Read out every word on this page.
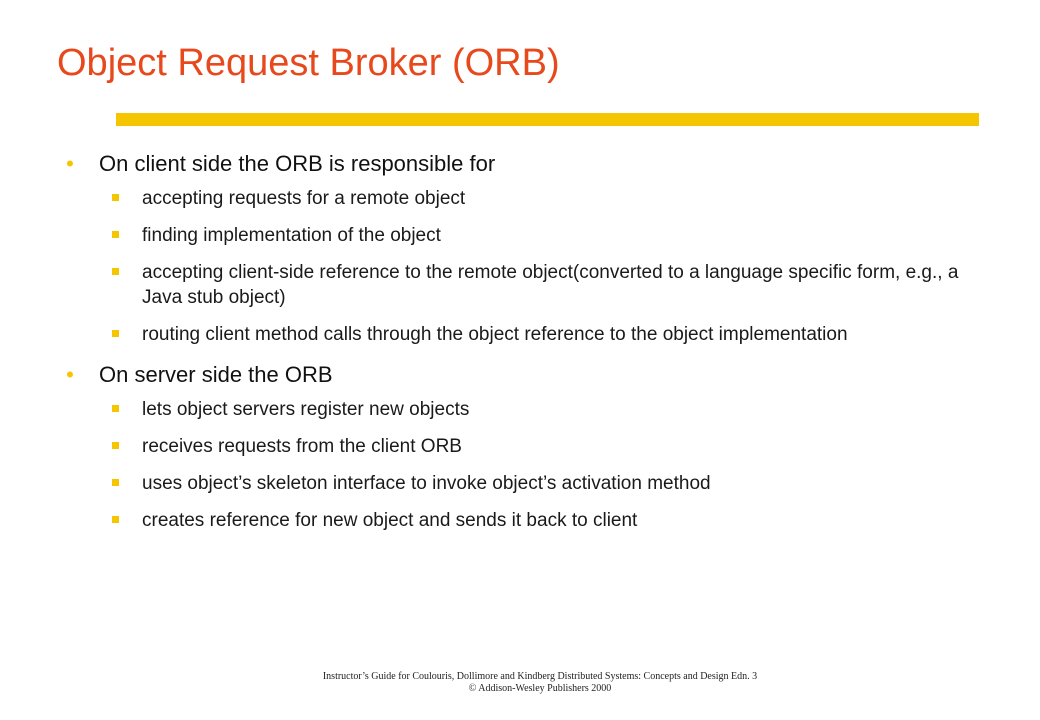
Object Request Broker (ORB)
• On client side the ORB is responsible for
accepting requests for a remote object
finding implementation of the object
accepting client-side reference to the remote object(converted to a language specific form, e.g., a Java stub object)
routing client method calls through the object reference to the object implementation
• On server side the ORB
lets object servers register new objects
receives requests from the client ORB
uses object’s skeleton interface to invoke object’s activation method
creates reference for new object and sends it back to client
Instructor’s Guide for Coulouris, Dollimore and Kindberg Distributed Systems: Concepts and Design Edn. 3
© Addison-Wesley Publishers 2000
